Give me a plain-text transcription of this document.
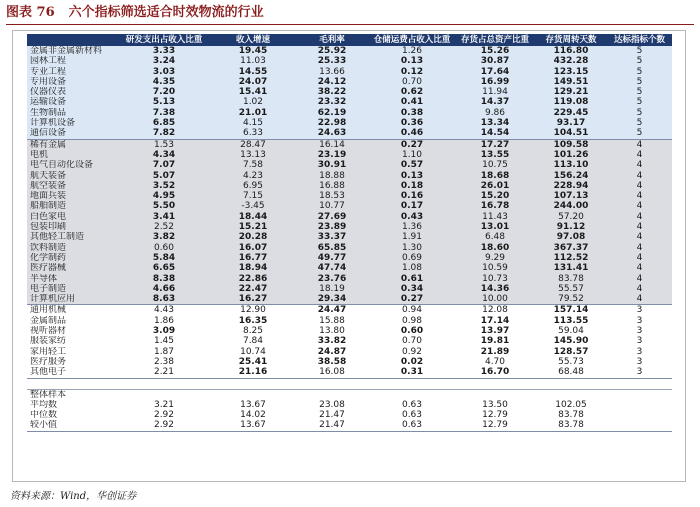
图表 76 六个指标筛选适合时效物流的行业
	研发支出占收入比重	收入增速	毛利率	仓储运费占收入比重	存货占总资产比重	存货周转天数	达标指标个数
金属非金属新材料	3.33	19.45	25.92	1.26	15.26	116.80	5
园林工程	3.24	11.03	25.33	0.13	30.87	432.28	5
专业工程	3.03	14.55	13.66	0.12	17.64	123.15	5
专用设备	4.35	24.07	24.12	0.70	16.99	149.51	5
仪器仪表	7.20	15.41	38.22	0.62	11.94	129.21	5
运输设备	5.13	1.02	23.32	0.41	14.37	119.08	5
生物制品	7.38	21.01	62.19	0.38	9.86	229.45	5
计算机设备	6.85	4.15	22.98	0.36	13.34	93.17	5
通信设备	7.82	6.33	24.63	0.46	14.54	104.51	5
稀有金属	1.53	28.47	16.14	0.27	17.27	109.58	4
电机	4.34	13.13	23.19	1.10	13.55	101.26	4
电气自动化设备	7.07	7.58	30.91	0.57	10.75	113.10	4
航天装备	5.07	4.23	18.88	0.13	18.68	156.24	4
航空装备	3.52	6.95	16.88	0.18	26.01	228.94	4
地面兵装	4.95	7.15	18.53	0.16	15.20	107.13	4
船舶制造	5.50	-3.45	10.77	0.17	16.78	244.00	4
白色家电	3.41	18.44	27.69	0.43	11.43	57.20	4
包装印刷	2.52	15.21	23.89	1.36	13.01	91.12	4
其他轻工制造	3.82	20.28	33.37	1.91	6.48	97.08	4
饮料制造	0.60	16.07	65.85	1.30	18.60	367.37	4
化学制药	5.84	16.77	49.77	0.69	9.29	112.52	4
医疗器械	6.65	18.94	47.74	1.08	10.59	131.41	4
半导体	8.38	22.86	23.76	0.61	10.73	83.78	4
电子制造	4.66	22.47	18.19	0.34	14.36	55.57	4
计算机应用	8.63	16.27	29.34	0.27	10.00	79.52	4
通用机械	4.43	12.90	24.47	0.94	12.08	157.14	3
金属制品	1.86	16.35	15.88	0.98	17.14	113.55	3
视听器材	3.09	8.25	13.80	0.60	13.97	59.04	3
服装家纺	1.45	7.84	33.82	0.70	19.81	145.90	3
家用轻工	1.87	10.74	24.87	0.92	21.89	128.57	3
医疗服务	2.38	25.41	38.58	0.02	4.70	55.73	3
其他电子	2.21	21.16	16.08	0.31	16.70	68.48	3

整体样本							
平均数	3.21	13.67	23.08	0.63	13.50	102.05	
中位数	2.92	14.02	21.47	0.63	12.79	83.78	
较小值	2.92	13.67	21.47	0.63	12.79	83.78	
资料来源：Wind，华创证券
